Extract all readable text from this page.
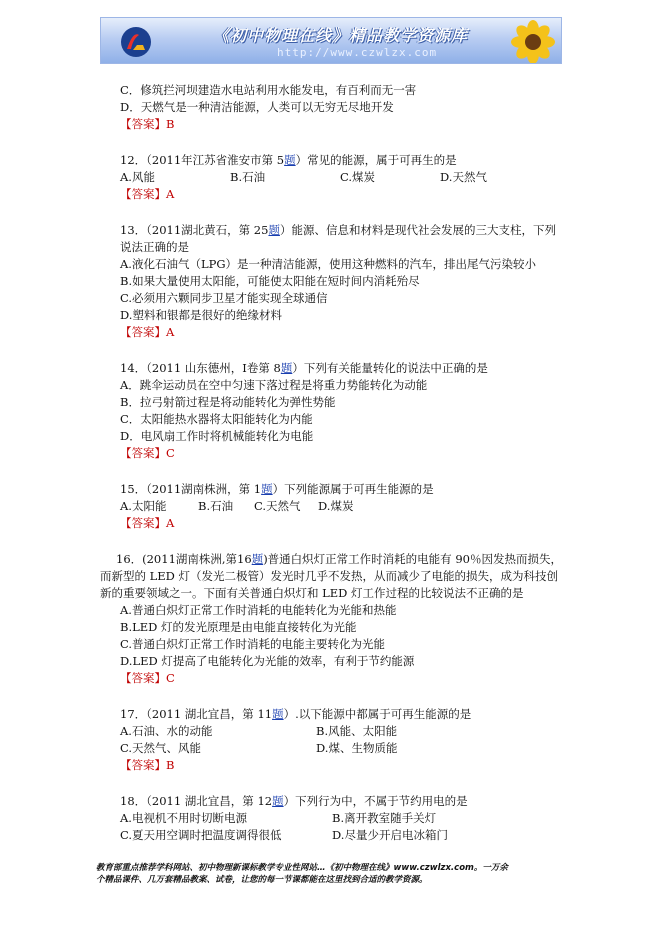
《初中物理在线》精品教学资源库
http://www.czwlzx.com
C．修筑拦河坝建造水电站利用水能发电，有百利而无一害
D．天燃气是一种清洁能源，人类可以无穷无尽地开发
【答案】B
12．（2011年江苏省淮安市第 5题）常见的能源，属于可再生的是
A.风能	B.石油	C.煤炭	D.天然气
【答案】A
13．（2011湖北黄石，第 25题）能源、信息和材料是现代社会发展的三大支柱，下列
说法正确的是
A.液化石油气（LPG）是一种清洁能源，使用这种燃料的汽车，排出尾气污染较小
B.如果大量使用太阳能，可能使太阳能在短时间内消耗殆尽
C.必须用六颗同步卫星才能实现全球通信
D.塑料和银都是很好的绝缘材料
【答案】A
14．（2011 山东德州，Ⅰ卷第 8题）下列有关能量转化的说法中正确的是
A．跳伞运动员在空中匀速下落过程是将重力势能转化为动能
B．拉弓射箭过程是将动能转化为弹性势能
C．太阳能热水器将太阳能转化为内能
D．电风扇工作时将机械能转化为电能
【答案】C
15．（2011湖南株洲，第 1题）下列能源属于可再生能源的是
A.太阳能	B.石油	C.天然气	D.煤炭
【答案】A
16．(2011湖南株洲,第16题)普通白炽灯正常工作时消耗的电能有 90％因发热而损失，
而新型的 LED 灯（发光二极管）发光时几乎不发热，从而减少了电能的损失，成为科技创
新的重要领域之一。下面有关普通白炽灯和 LED 灯工作过程的比较说法不正确的是
A.普通白炽灯正常工作时消耗的电能转化为光能和热能
B.LED 灯的发光原理是由电能直接转化为光能
C.普通白炽灯正常工作时消耗的电能主要转化为光能
D.LED 灯提高了电能转化为光能的效率，有利于节约能源
【答案】C
17．（2011 湖北宜昌，第 11题）.以下能源中都属于可再生能源的是
A.石油、水的动能	B.风能、太阳能
C.天然气、风能	D.煤、生物质能
【答案】B
18．（2011 湖北宜昌，第 12题）下列行为中，不属于节约用电的是
A.电视机不用时切断电源	B.离开教室随手关灯
C.夏天用空调时把温度调得很低	D.尽量少开启电冰箱门
教育部重点推荐学科网站、初中物理新课标教学专业性网站…《初中物理在线》www.czwlzx.com。一万余
个精品课件、几万套精品教案、试卷，让您的每一节课都能在这里找到合适的教学资源。
